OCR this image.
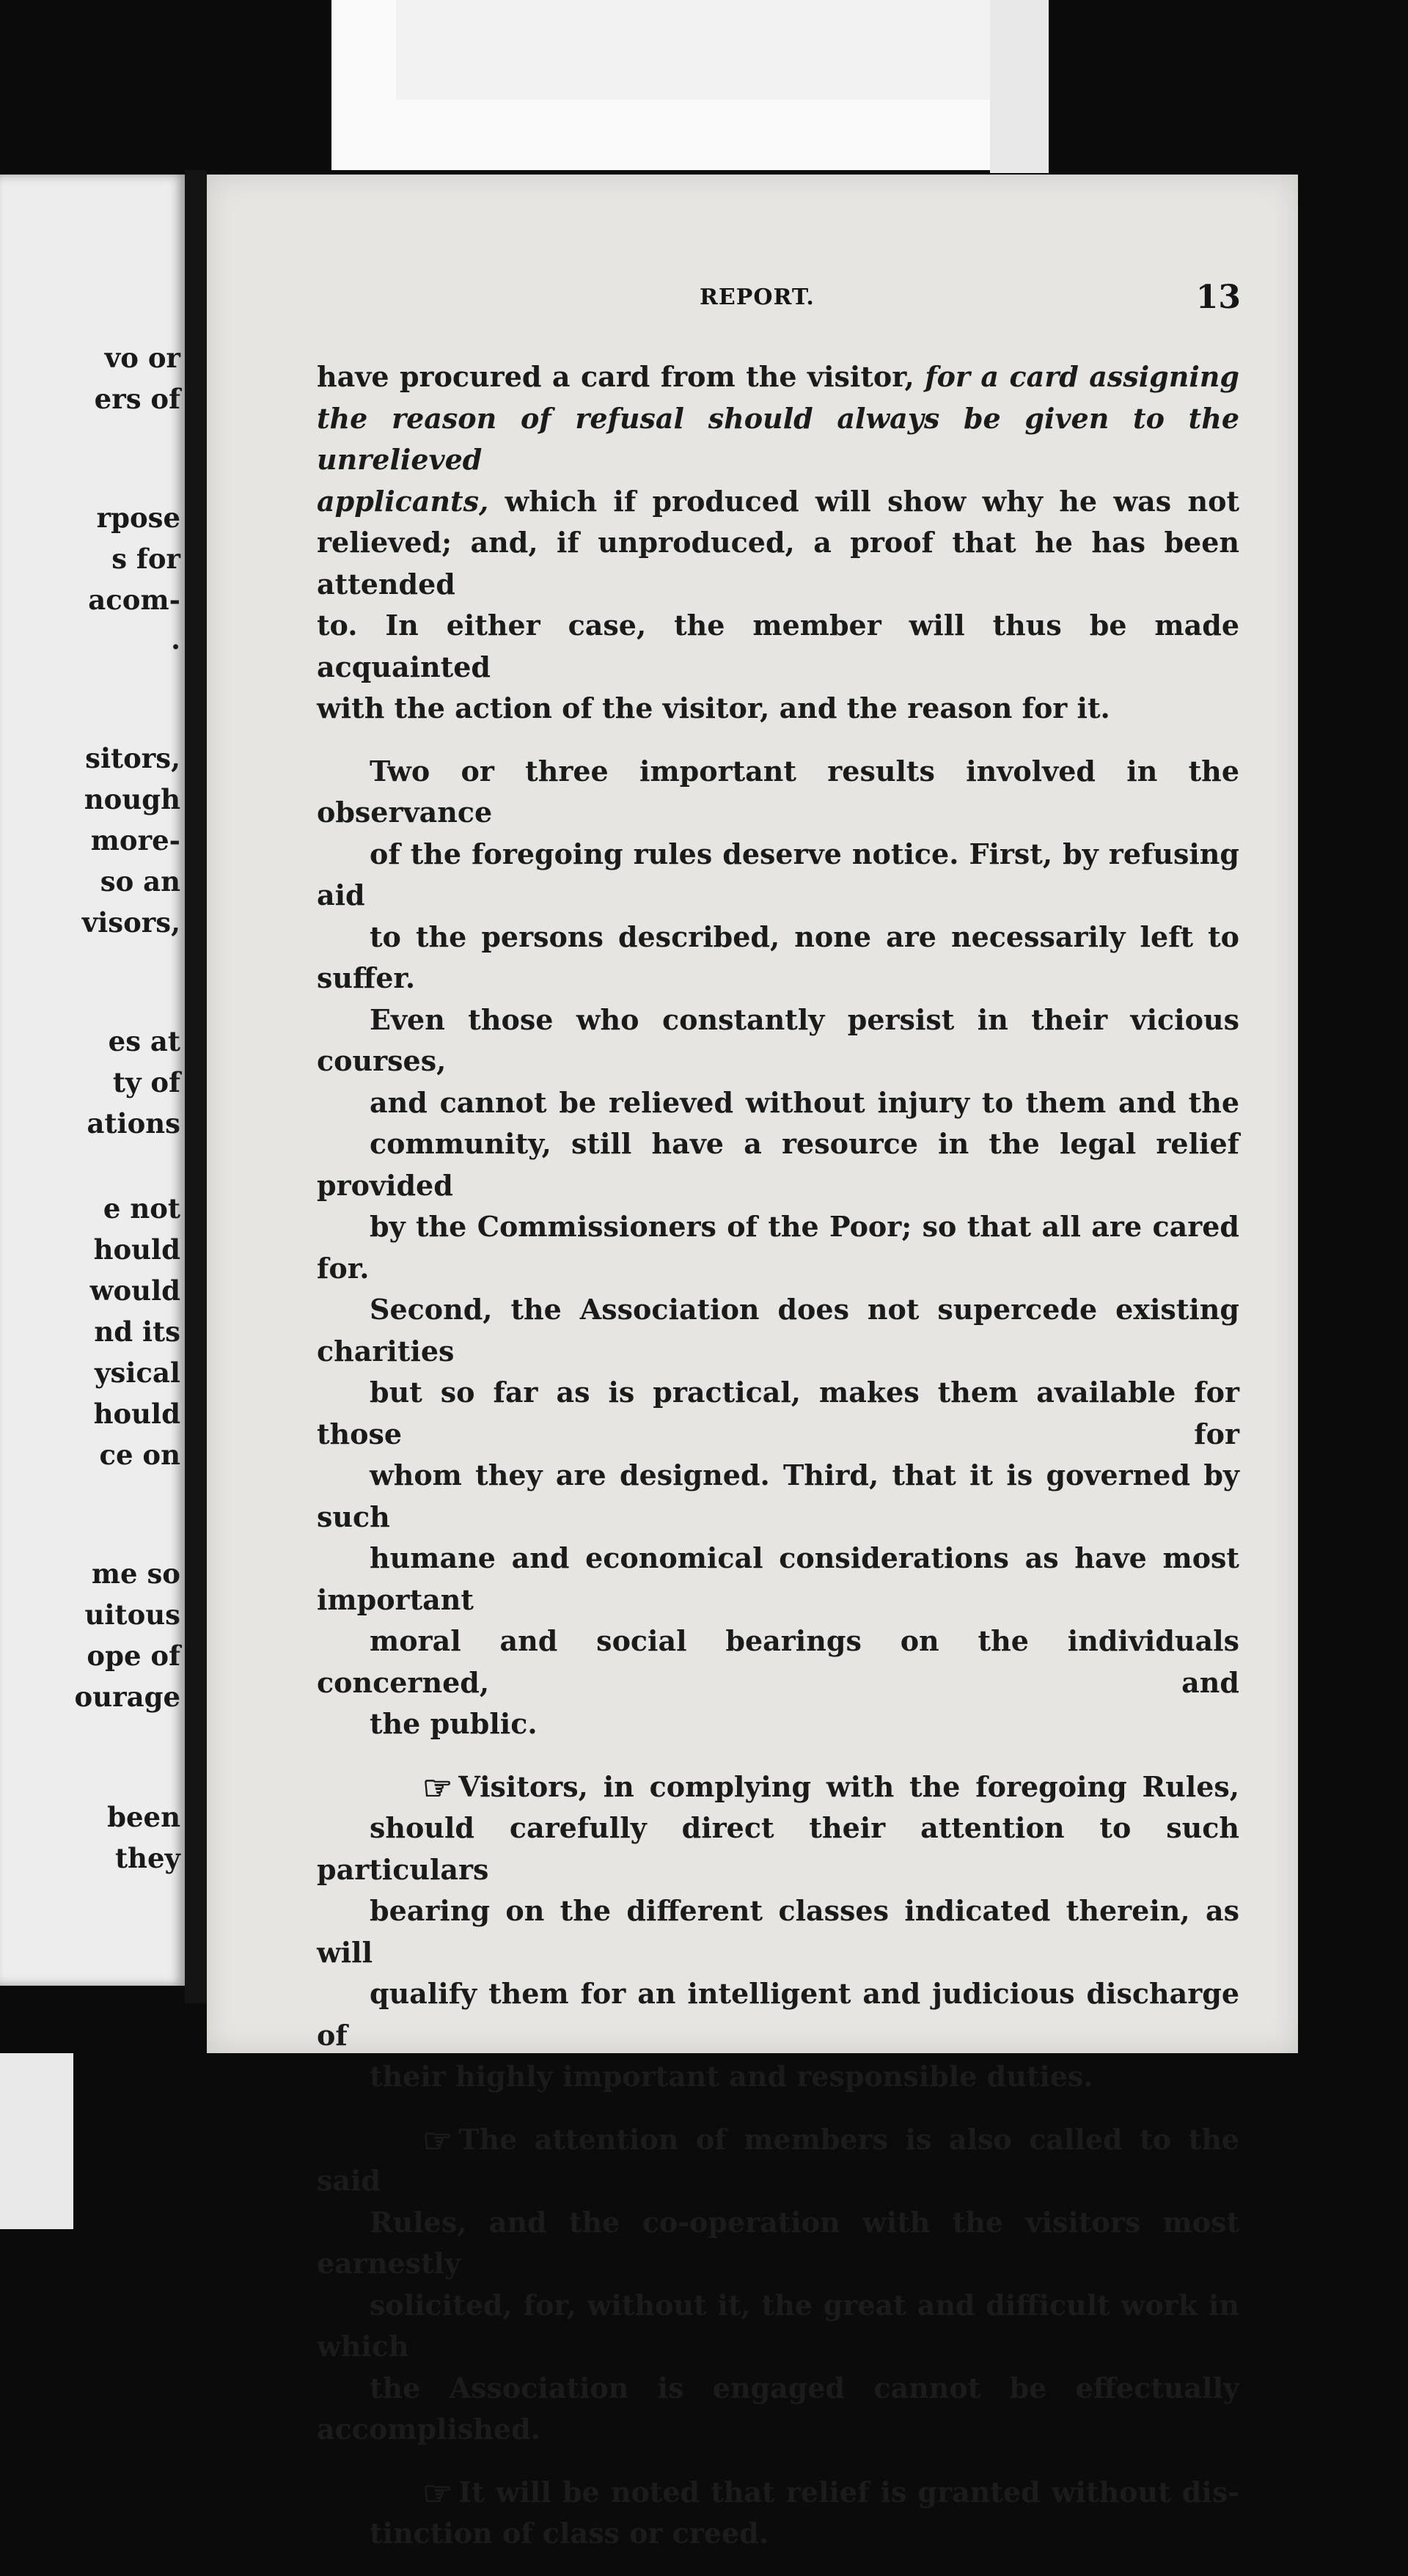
vo or
ers of
rpose
s for
acom-
.
sitors,
nough
more-
so an
visors,
es at
ty of
ations
e not
hould
would
nd its
ysical
hould
ce on
me so
uitous
ope of
ourage
been
they
REPORT.	13

have procured a card from the visitor, for a card assigning
the reason of refusal should always be given to the unrelieved
applicants, which if produced will show why he was not
relieved; and, if unproduced, a proof that he has been attended
to. In either case, the member will thus be made acquainted
with the action of the visitor, and the reason for it.

Two or three important results involved in the observance
of the foregoing rules deserve notice. First, by refusing aid
to the persons described, none are necessarily left to suffer.
Even those who constantly persist in their vicious courses,
and cannot be relieved without injury to them and the
community, still have a resource in the legal relief provided
by the Commissioners of the Poor; so that all are cared for.
Second, the Association does not supercede existing charities
but so far as is practical, makes them available for those for
whom they are designed. Third, that it is governed by such
humane and economical considerations as have most important
moral and social bearings on the individuals concerned, and
the public.

☞ Visitors, in complying with the foregoing Rules,
should carefully direct their attention to such particulars
bearing on the different classes indicated therein, as will
qualify them for an intelligent and judicious discharge of
their highly important and responsible duties.

☞ The attention of members is also called to the said
Rules, and the co-operation with the visitors most earnestly
solicited, for, without it, the great and difficult work in which
the Association is engaged cannot be effectually accomplished.

☞ It will be noted that relief is granted without dis-
tinction of class or creed.
